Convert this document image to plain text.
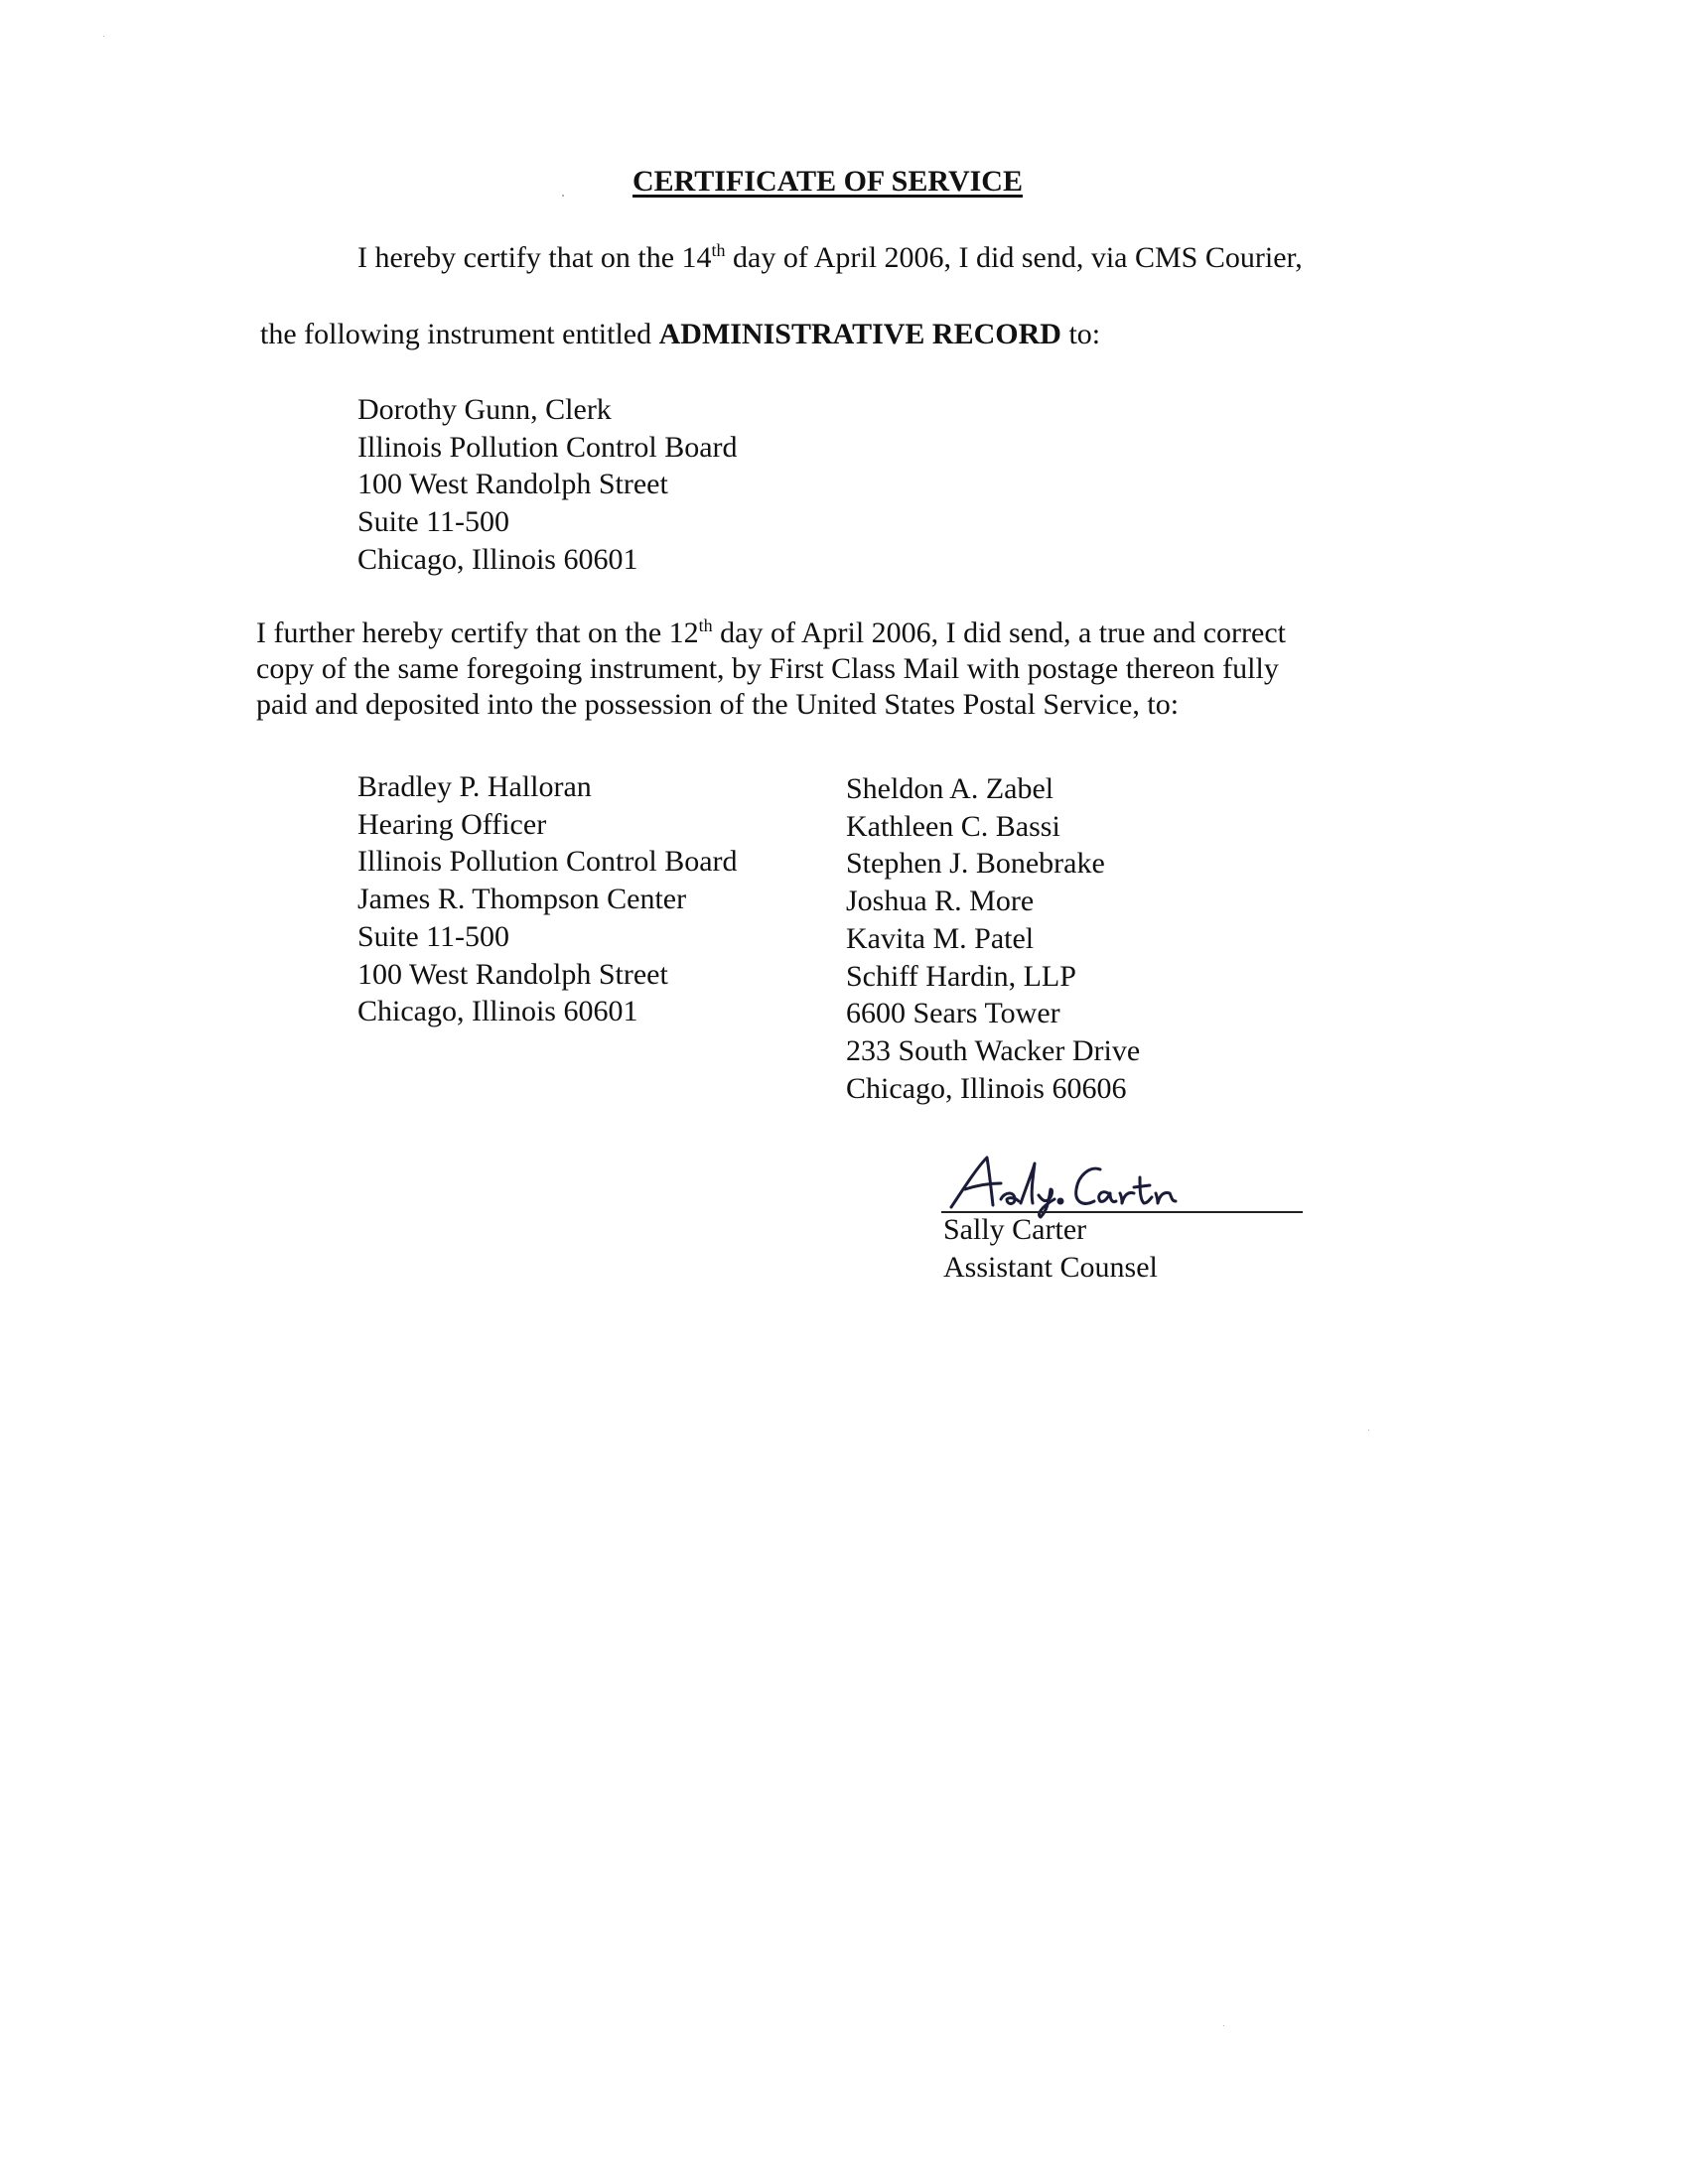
CERTIFICATE OF SERVICE
I hereby certify that on the 14th day of April 2006, I did send, via CMS Courier,
the following instrument entitled ADMINISTRATIVE RECORD to:
Dorothy Gunn, Clerk
Illinois Pollution Control Board
100 West Randolph Street
Suite 11-500
Chicago, Illinois 60601
I further hereby certify that on the 12th day of April 2006, I did send, a true and correct
copy of the same foregoing instrument, by First Class Mail with postage thereon fully
paid and deposited into the possession of the United States Postal Service, to:
Bradley P. Halloran
Hearing Officer
Illinois Pollution Control Board
James R. Thompson Center
Suite 11-500
100 West Randolph Street
Chicago, Illinois 60601
Sheldon A. Zabel
Kathleen C. Bassi
Stephen J. Bonebrake
Joshua R. More
Kavita M. Patel
Schiff Hardin, LLP
6600 Sears Tower
233 South Wacker Drive
Chicago, Illinois 60606
Sally Carter
Assistant Counsel
